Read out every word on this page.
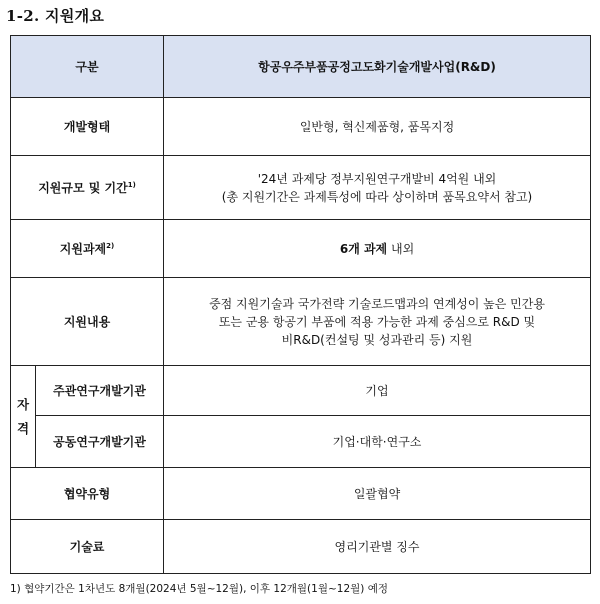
1-2. 지원개요
구분		항공우주부품공정고도화기술개발사업(R&D)
개발형태		일반형, 혁신제품형, 품목지정
지원규모 및 기간$^{1)}$		'24년 과제당 정부지원연구개발비 4억원 내외
(총 지원기간은 과제특성에 따라 상이하며 품목요약서 참고)

지원과제$^{2)}$		6개 과제 내외
지원내용		중점 지원기술과 국가전략 기술로드맵과의 연계성이 높은 민간용
또는 군용 항공기 부품에 적용 가능한 과제 중심으로 R&D 및
비R&D(컨설팅 및 성과관리 등) 지원

자
격	주관연구개발기관	기업
	공동연구개발기관	기업·대학·연구소
협약유형		일괄협약
기술료		영리기관별 징수
1) 협약기간은 1차년도 8개월(2024년 5월~12월), 이후 12개월(1월~12월) 예정
